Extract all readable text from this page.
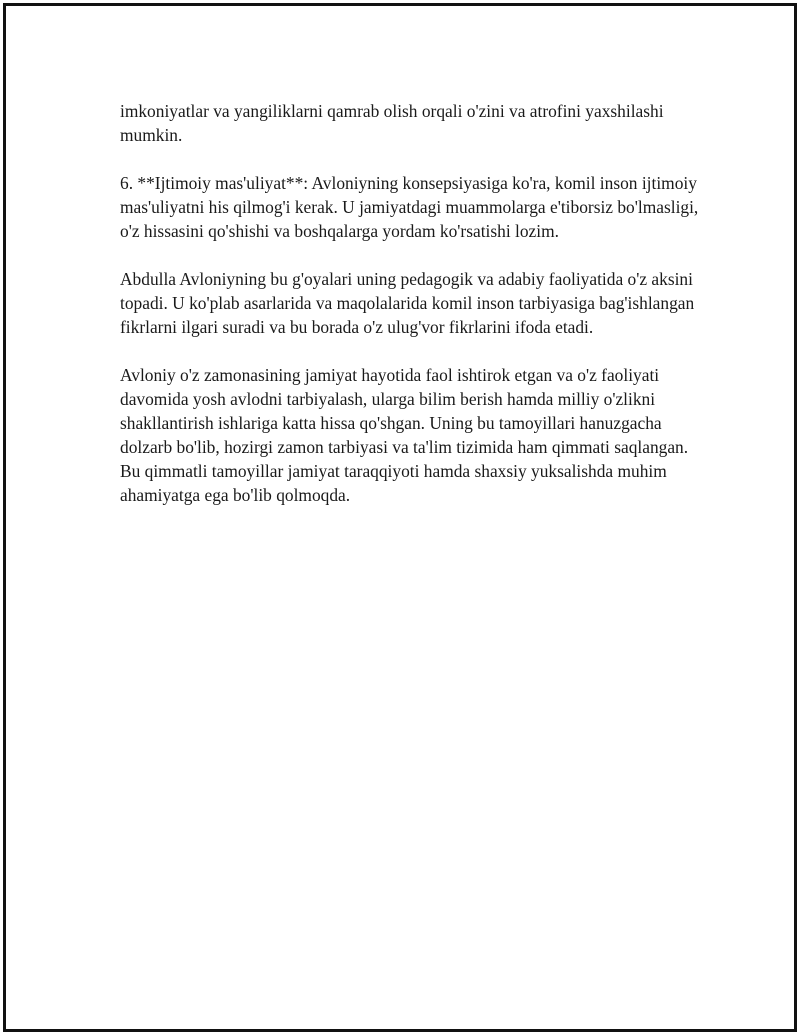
imkoniyatlar va yangiliklarni qamrab olish orqali o'zini va atrofini yaxshilashi mumkin.

6. **Ijtimoiy mas'uliyat**: Avloniyning konsepsiyasiga ko'ra, komil inson ijtimoiy mas'uliyatni his qilmog'i kerak. U jamiyatdagi muammolarga e'tiborsiz bo'lmasligi, o'z hissasini qo'shishi va boshqalarga yordam ko'rsatishi lozim.

Abdulla Avloniyning bu g'oyalari uning pedagogik va adabiy faoliyatida o'z aksini topadi. U ko'plab asarlarida va maqolalarida komil inson tarbiyasiga bag'ishlangan fikrlarni ilgari suradi va bu borada o'z ulug'vor fikrlarini ifoda etadi.

Avloniy o'z zamonasining jamiyat hayotida faol ishtirok etgan va o'z faoliyati davomida yosh avlodni tarbiyalash, ularga bilim berish hamda milliy o'zlikni shakllantirish ishlariga katta hissa qo'shgan. Uning bu tamoyillari hanuzgacha dolzarb bo'lib, hozirgi zamon tarbiyasi va ta'lim tizimida ham qimmati saqlangan. Bu qimmatli tamoyillar jamiyat taraqqiyoti hamda shaxsiy yuksalishda muhim ahamiyatga ega bo'lib qolmoqda.
